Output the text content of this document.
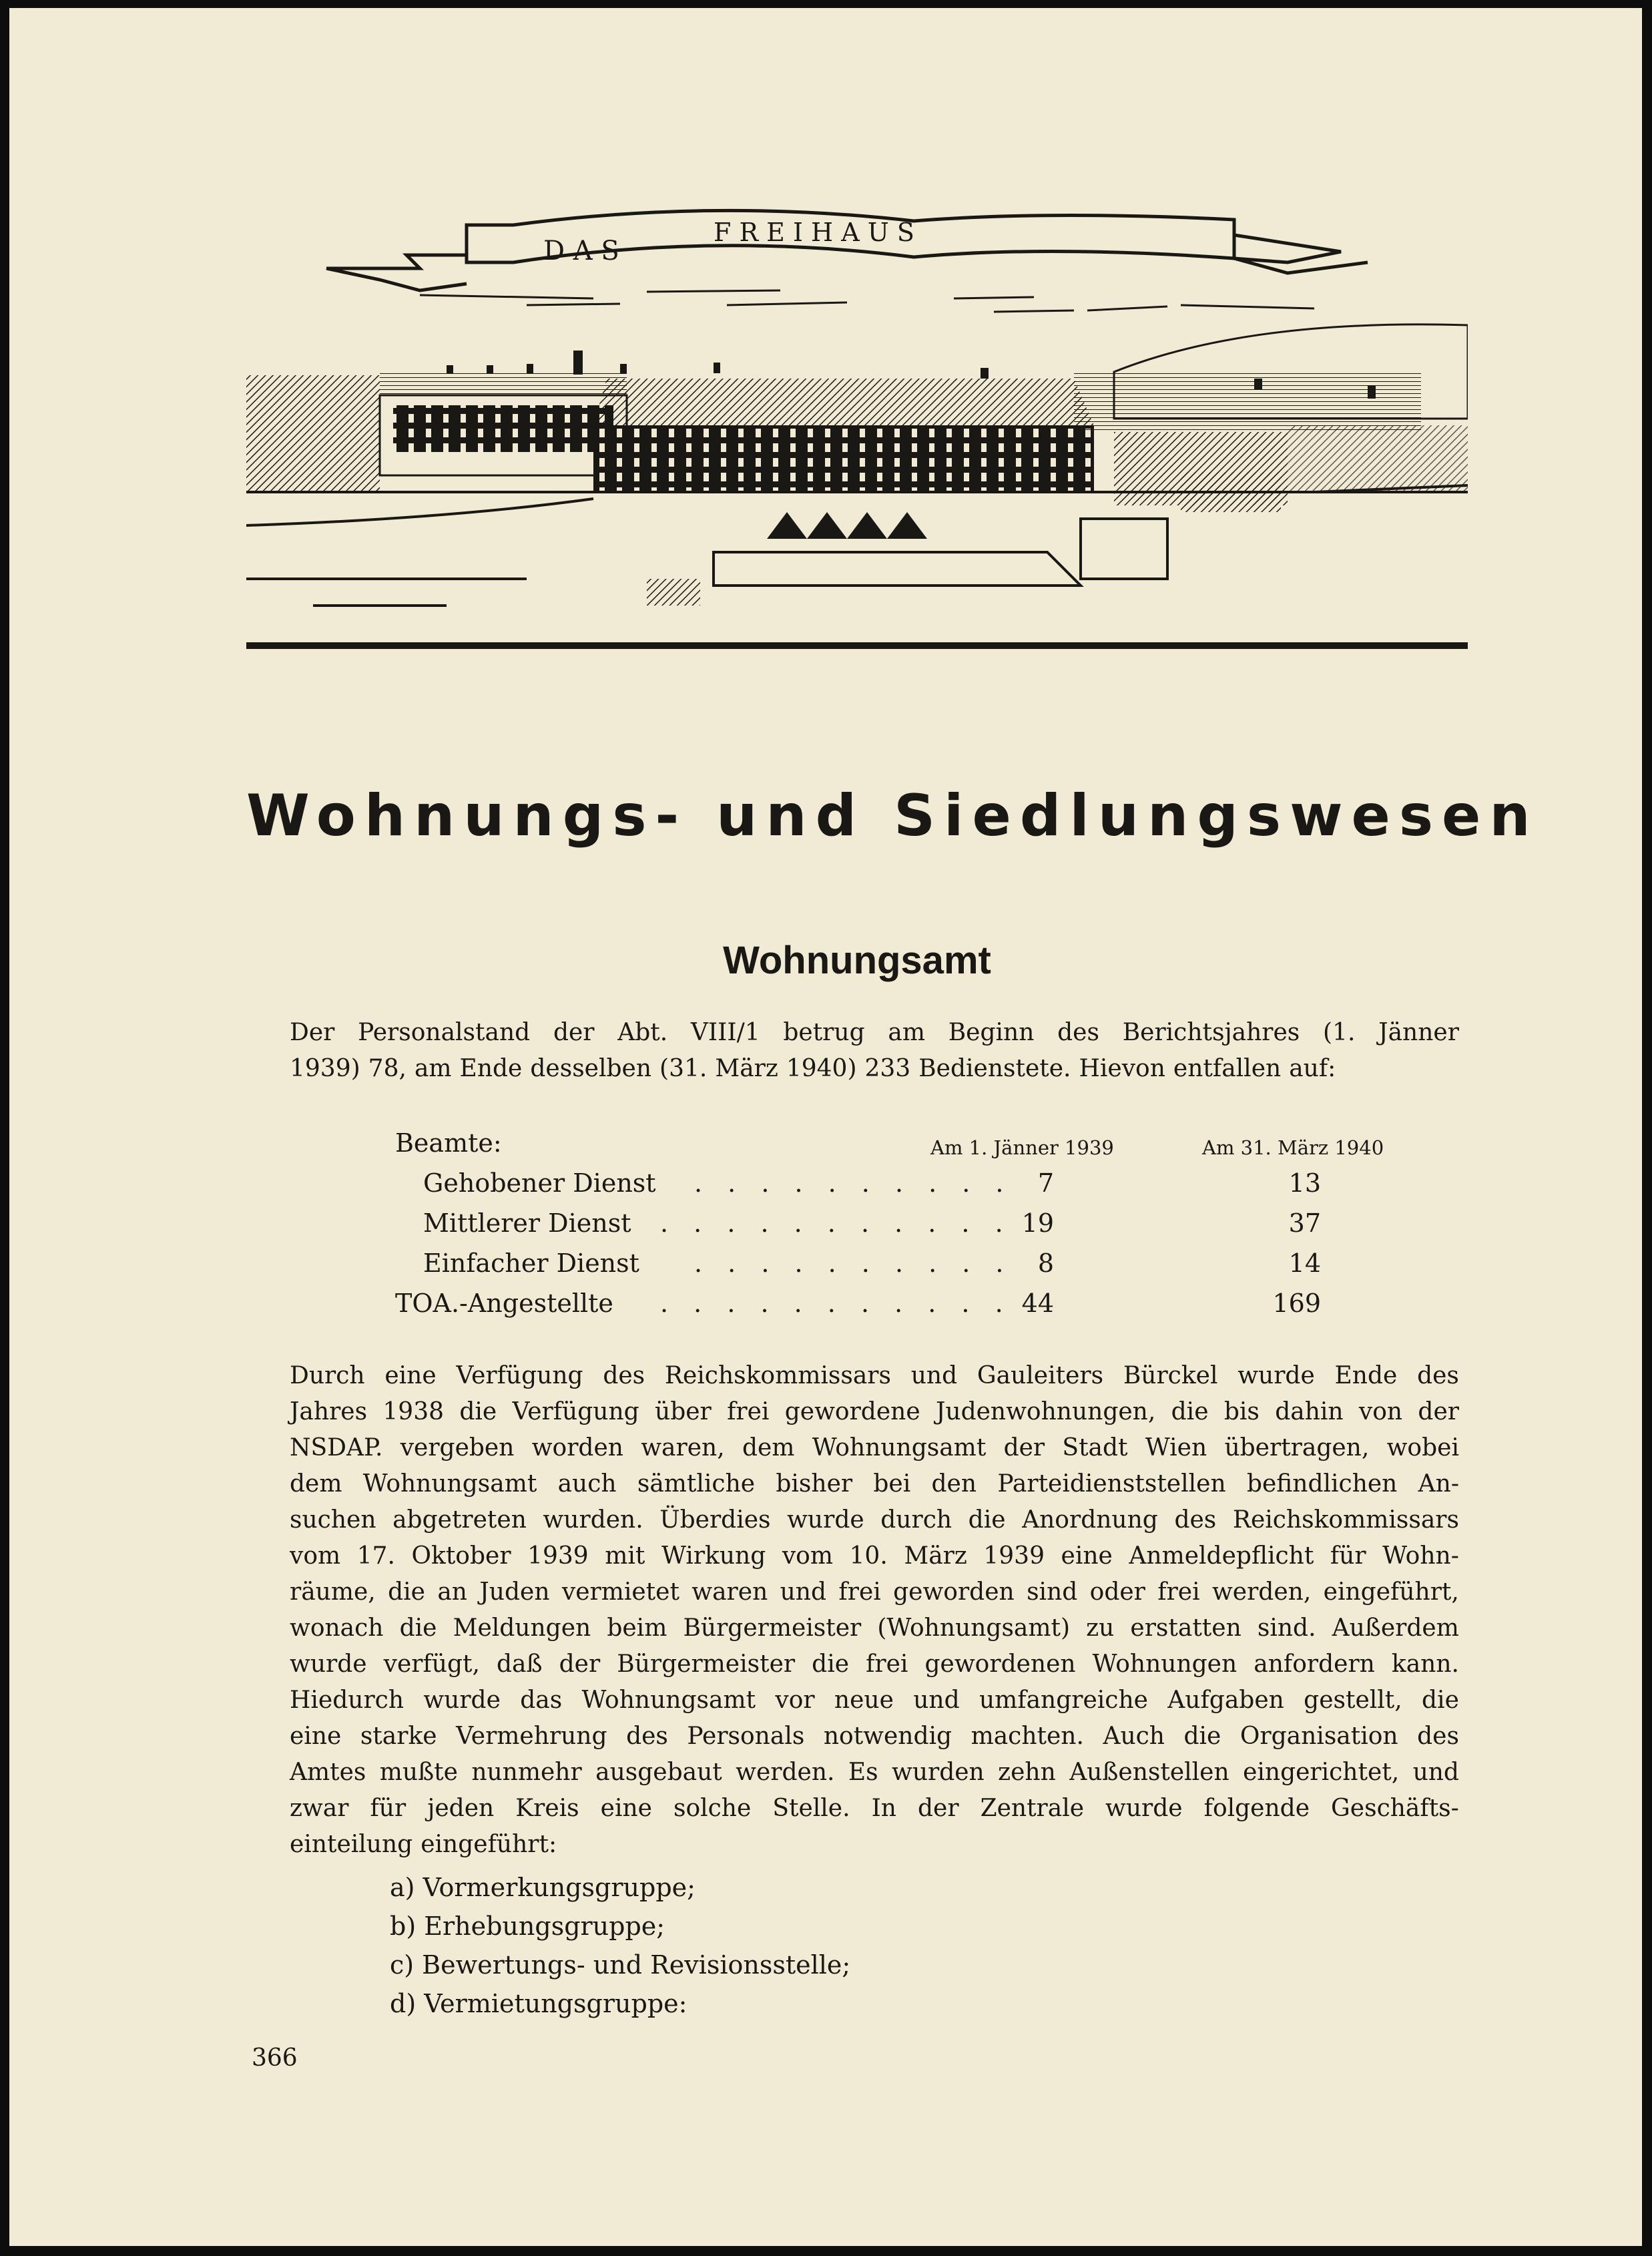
D A S
F R E I H A U S
Wohnungs- und Siedlungswesen
Wohnungsamt
Der Personalstand der Abt. VIII/1 betrug am Beginn des Berichtsjahres (1. Jänner
1939) 78, am Ende desselben (31. März 1940) 233 Bedienstete. Hievon entfallen auf:
Beamte:	Am 1. Jänner 1939	Am 31. März 1940
Gehobener Dienst . . . . . . . . . .	7	13
Mittlerer Dienst . . . . . . . . . . . 19	37
Einfacher Dienst . . . . . . . . . .	8	14
TOA.-Angestellte . . . . . . . . . . . 44	169
Durch eine Verfügung des Reichskommissars und Gauleiters Bürckel wurde Ende des
Jahres 1938 die Verfügung über frei gewordene Judenwohnungen, die bis dahin von der
NSDAP. vergeben worden waren, dem Wohnungsamt der Stadt Wien übertragen, wobei
dem Wohnungsamt auch sämtliche bisher bei den Parteidienststellen befindlichen An-
suchen abgetreten wurden. Überdies wurde durch die Anordnung des Reichskommissars
vom 17. Oktober 1939 mit Wirkung vom 10. März 1939 eine Anmeldepflicht für Wohn-
räume, die an Juden vermietet waren und frei geworden sind oder frei werden, eingeführt,
wonach die Meldungen beim Bürgermeister (Wohnungsamt) zu erstatten sind. Außerdem
wurde verfügt, daß der Bürgermeister die frei gewordenen Wohnungen anfordern kann.
Hiedurch wurde das Wohnungsamt vor neue und umfangreiche Aufgaben gestellt, die
eine starke Vermehrung des Personals notwendig machten. Auch die Organisation des
Amtes mußte nunmehr ausgebaut werden. Es wurden zehn Außenstellen eingerichtet, und
zwar für jeden Kreis eine solche Stelle. In der Zentrale wurde folgende Geschäfts-
einteilung eingeführt:
a) Vormerkungsgruppe;
b) Erhebungsgruppe;
c) Bewertungs- und Revisionsstelle;
d) Vermietungsgruppe:
366
